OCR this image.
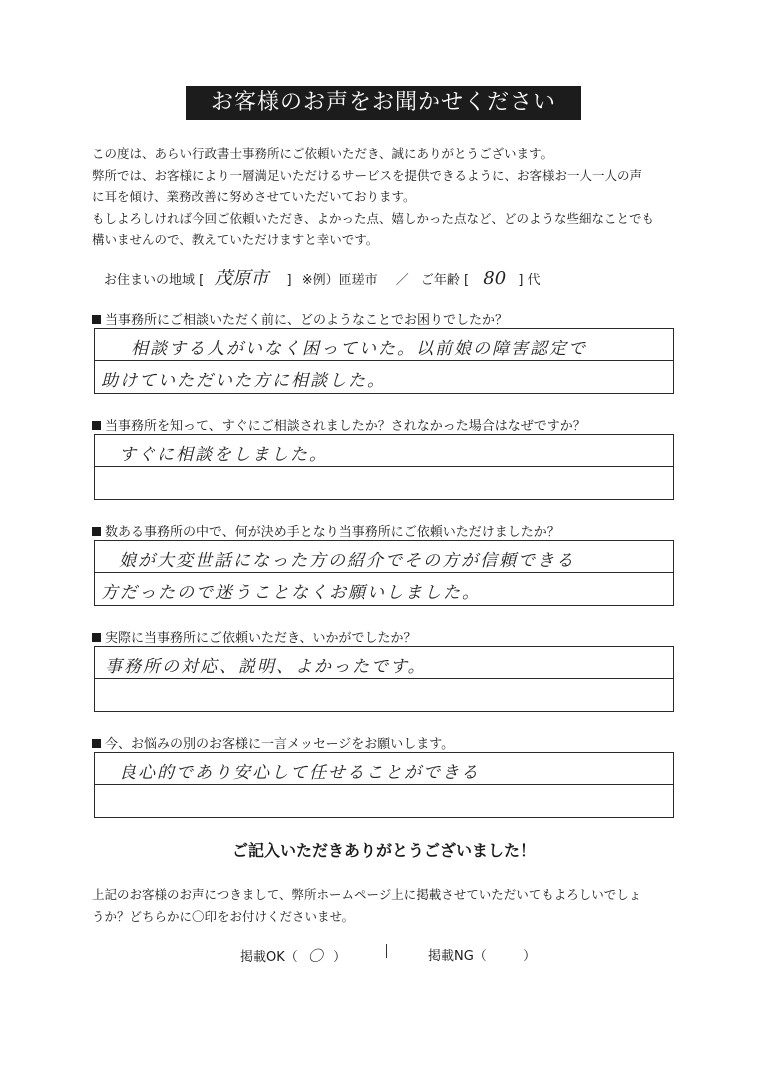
お客様のお声をお聞かせください

この度は、あらい行政書士事務所にご依頼いただき、誠にありがとうございます。

弊所では、お客様により一層満足いただけるサービスを提供できるように、お客様お一人一人の声

に耳を傾け、業務改善に努めさせていただいております。

もしよろしければ今回ご依頼いただき、よかった点、嬉しかった点など、どのような些細なことでも

構いませんので、教えていただけますと幸いです。

お住まいの地域 [ 茂原市 ] ※例）匝瑳市 ／ ご年齢 [ 80 ] 代
当事務所にご相談いただく前に、どのようなことでお困りでしたか？
相談する人がいなく困っていた。以前娘の障害認定で
助けていただいた方に相談した。
当事務所を知って、すぐにご相談されましたか？されなかった場合はなぜですか？
すぐに相談をしました。
数ある事務所の中で、何が決め手となり当事務所にご依頼いただけましたか？
娘が大変世話になった方の紹介でその方が信頼できる
方だったので迷うことなくお願いしました。
実際に当事務所にご依頼いただき、いかがでしたか？
事務所の対応、説明、よかったです。
今、お悩みの別のお客様に一言メッセージをお願いします。
良心的であり安心して任せることができる
ご記入いただきありがとうございました！

上記のお客様のお声につきまして、弊所ホームページ上に掲載させていただいてもよろしいでしょ

うか？どちらかに〇印をお付けくださいませ。

掲載OK（ 〇 ）	掲載NG（	）
